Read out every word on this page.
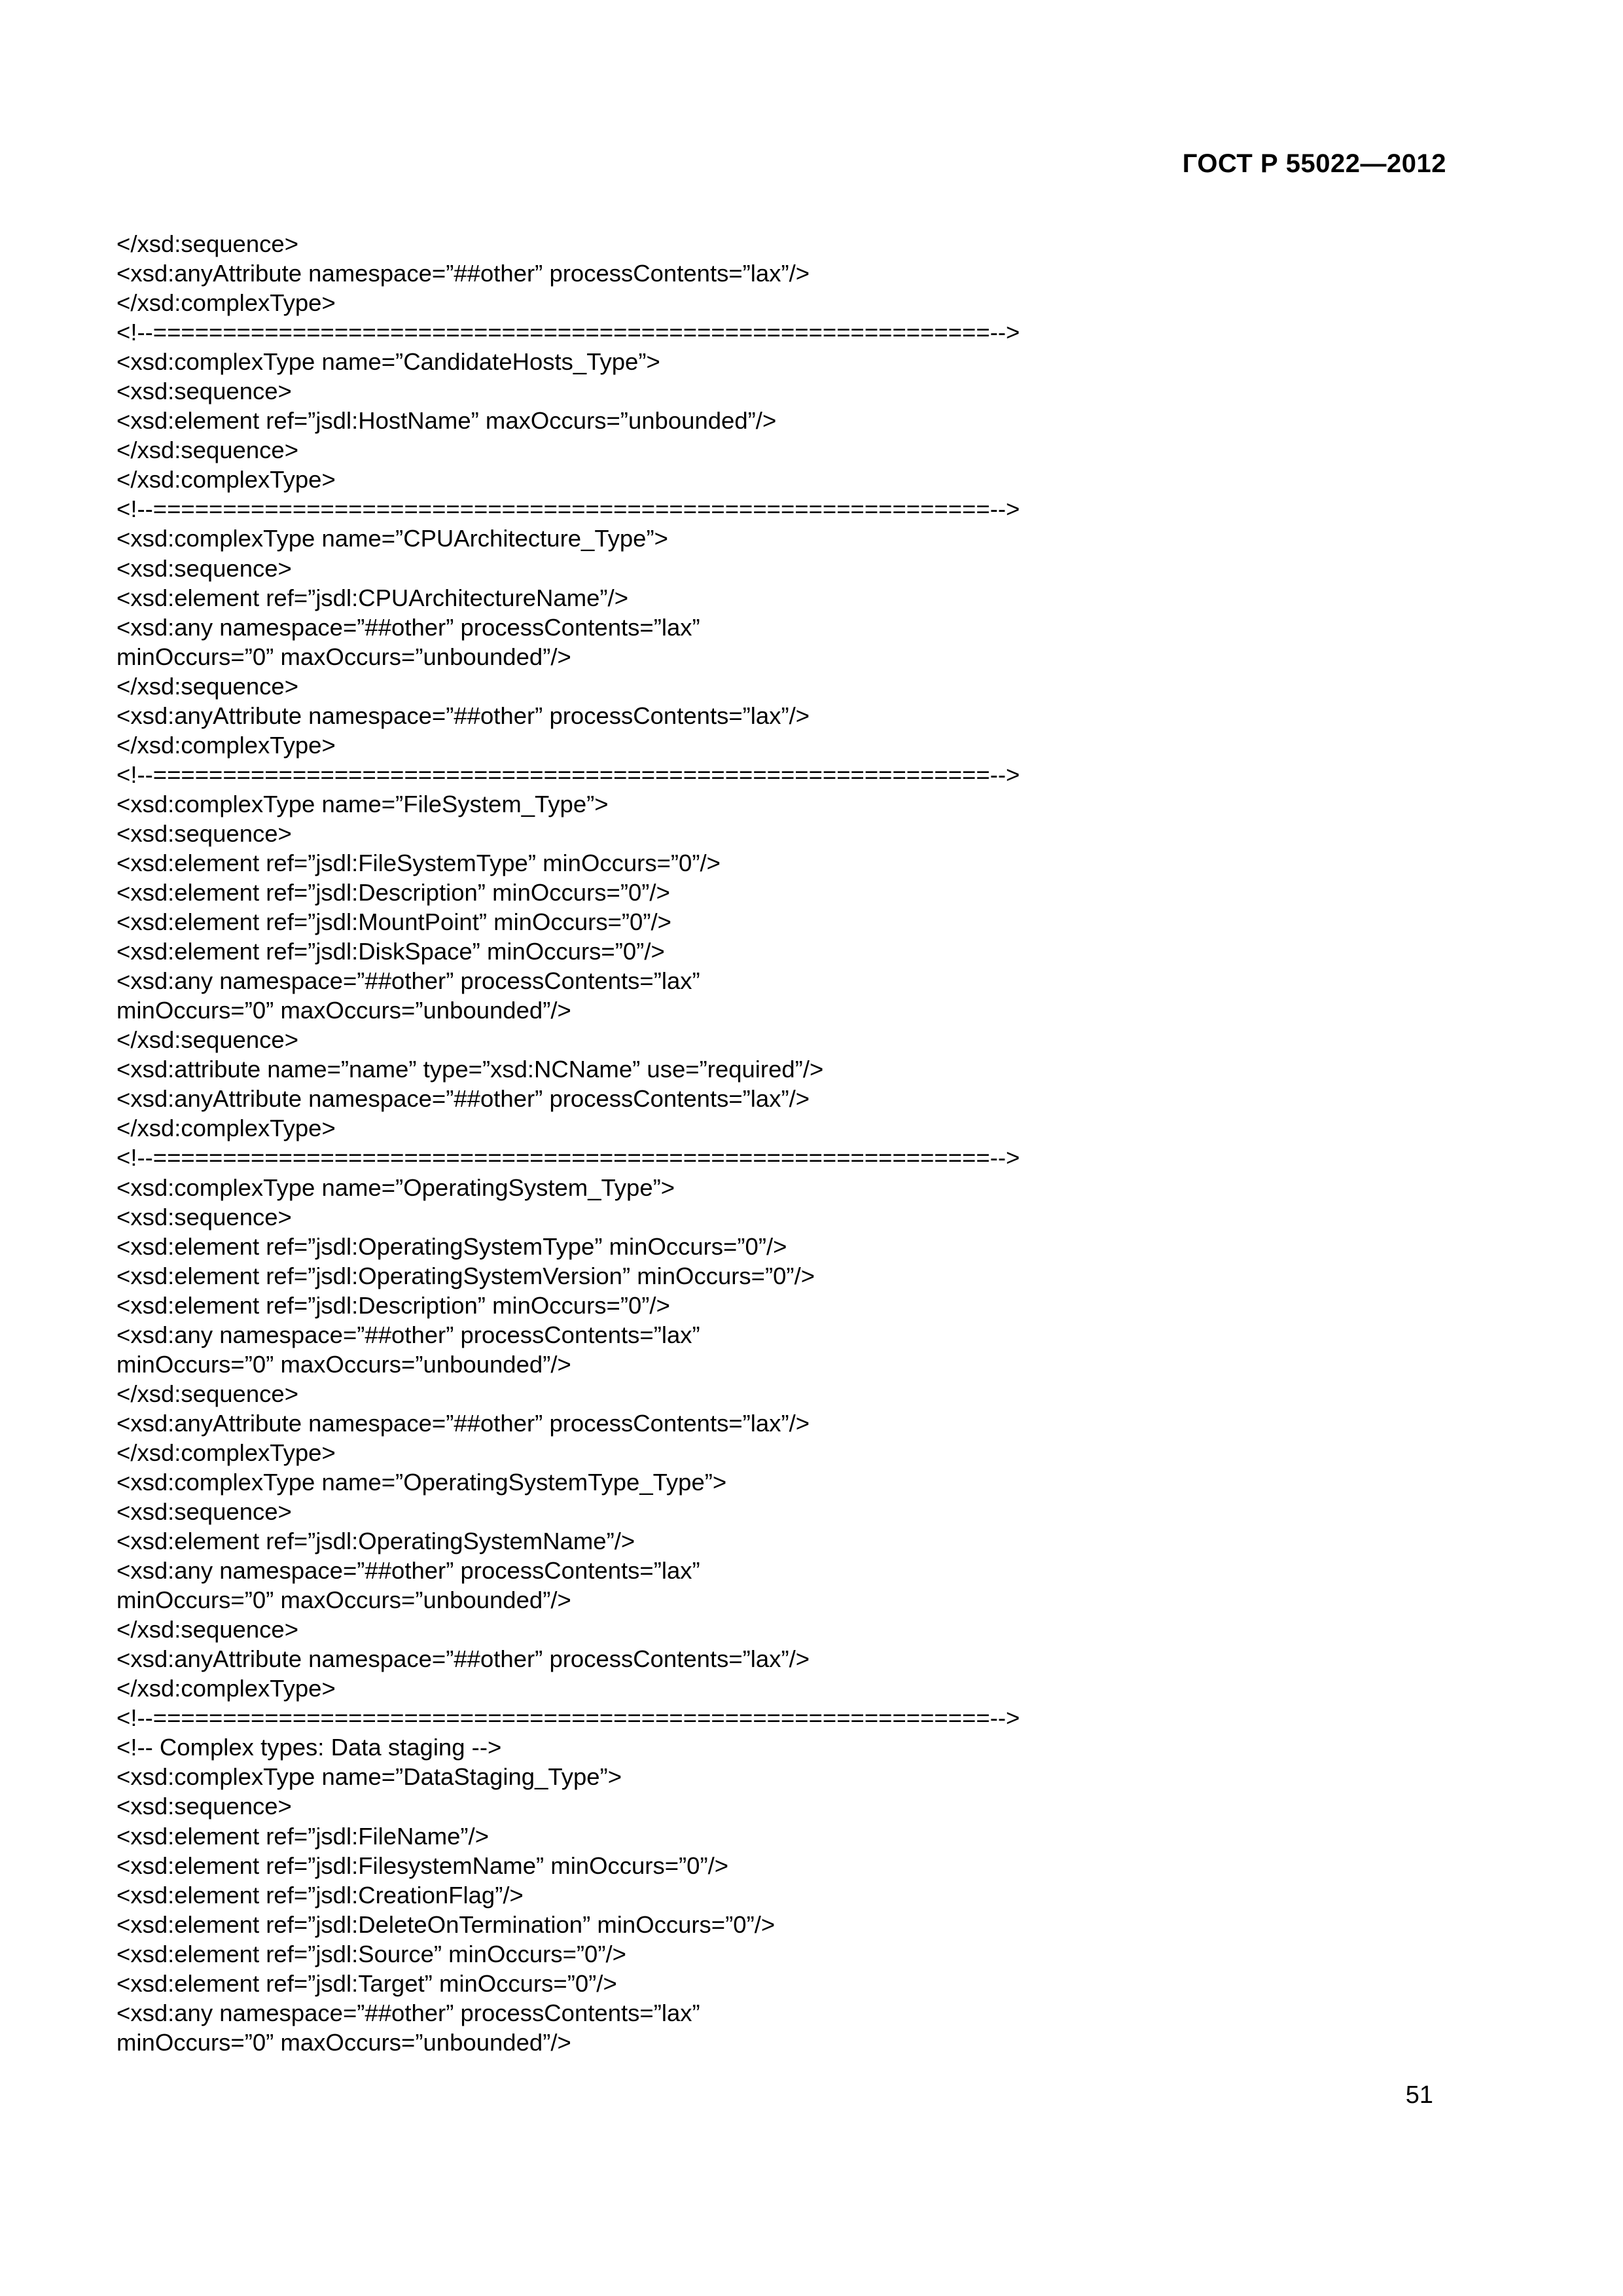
ГОСТ Р 55022—2012
</xsd:sequence>
<xsd:anyAttribute namespace=”##other” processContents=”lax”/>
</xsd:complexType>
<!--============================================================-->
<xsd:complexType name=”CandidateHosts_Type”>
<xsd:sequence>
<xsd:element ref=”jsdl:HostName” maxOccurs=”unbounded”/>
</xsd:sequence>
</xsd:complexType>
<!--============================================================-->
<xsd:complexType name=”CPUArchitecture_Type”>
<xsd:sequence>
<xsd:element ref=”jsdl:CPUArchitectureName”/>
<xsd:any namespace=”##other” processContents=”lax”
minOccurs=”0” maxOccurs=”unbounded”/>
</xsd:sequence>
<xsd:anyAttribute namespace=”##other” processContents=”lax”/>
</xsd:complexType>
<!--============================================================-->
<xsd:complexType name=”FileSystem_Type”>
<xsd:sequence>
<xsd:element ref=”jsdl:FileSystemType” minOccurs=”0”/>
<xsd:element ref=”jsdl:Description” minOccurs=”0”/>
<xsd:element ref=”jsdl:MountPoint” minOccurs=”0”/>
<xsd:element ref=”jsdl:DiskSpace” minOccurs=”0”/>
<xsd:any namespace=”##other” processContents=”lax”
minOccurs=”0” maxOccurs=”unbounded”/>
</xsd:sequence>
<xsd:attribute name=”name” type=”xsd:NCName” use=”required”/>
<xsd:anyAttribute namespace=”##other” processContents=”lax”/>
</xsd:complexType>
<!--============================================================-->
<xsd:complexType name=”OperatingSystem_Type”>
<xsd:sequence>
<xsd:element ref=”jsdl:OperatingSystemType” minOccurs=”0”/>
<xsd:element ref=”jsdl:OperatingSystemVersion” minOccurs=”0”/>
<xsd:element ref=”jsdl:Description” minOccurs=”0”/>
<xsd:any namespace=”##other” processContents=”lax”
minOccurs=”0” maxOccurs=”unbounded”/>
</xsd:sequence>
<xsd:anyAttribute namespace=”##other” processContents=”lax”/>
</xsd:complexType>
<xsd:complexType name=”OperatingSystemType_Type”>
<xsd:sequence>
<xsd:element ref=”jsdl:OperatingSystemName”/>
<xsd:any namespace=”##other” processContents=”lax”
minOccurs=”0” maxOccurs=”unbounded”/>
</xsd:sequence>
<xsd:anyAttribute namespace=”##other” processContents=”lax”/>
</xsd:complexType>
<!--============================================================-->
<!-- Complex types: Data staging -->
<xsd:complexType name=”DataStaging_Type”>
<xsd:sequence>
<xsd:element ref=”jsdl:FileName”/>
<xsd:element ref=”jsdl:FilesystemName” minOccurs=”0”/>
<xsd:element ref=”jsdl:CreationFlag”/>
<xsd:element ref=”jsdl:DeleteOnTermination” minOccurs=”0”/>
<xsd:element ref=”jsdl:Source” minOccurs=”0”/>
<xsd:element ref=”jsdl:Target” minOccurs=”0”/>
<xsd:any namespace=”##other” processContents=”lax”
minOccurs=”0” maxOccurs=”unbounded”/>
51
